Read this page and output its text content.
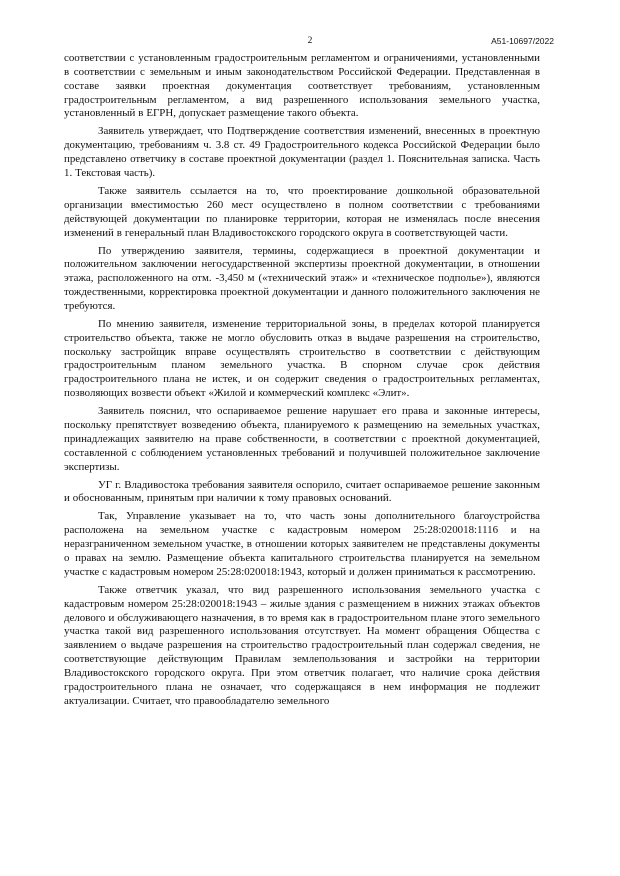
2	А51-10697/2022

соответствии с установленным градостроительным регламентом и ограничениями, установленными в соответствии с земельным и иным законодательством Российской Федерации. Представленная в составе заявки проектная документация соответствует требованиям, установленным градостроительным регламентом, а вид разрешенного использования земельного участка, установленный в ЕГРН, допускает размещение такого объекта.

Заявитель утверждает, что Подтверждение соответствия изменений, внесенных в проектную документацию, требованиям ч. 3.8 ст. 49 Градостроительного кодекса Российской Федерации было представлено ответчику в составе проектной документации (раздел 1. Пояснительная записка. Часть 1. Текстовая часть).

Также заявитель ссылается на то, что проектирование дошкольной образовательной организации вместимостью 260 мест осуществлено в полном соответствии с требованиями действующей документации по планировке территории, которая не изменялась после внесения изменений в генеральный план Владивостокского городского округа в соответствующей части.

По утверждению заявителя, термины, содержащиеся в проектной документации и положительном заключении негосударственной экспертизы проектной документации, в отношении этажа, расположенного на отм. -3,450 м («технический этаж» и «техническое подполье»), являются тождественными, корректировка проектной документации и данного положительного заключения не требуются.

По мнению заявителя, изменение территориальной зоны, в пределах которой планируется строительство объекта, также не могло обусловить отказ в выдаче разрешения на строительство, поскольку застройщик вправе осуществлять строительство в соответствии с действующим градостроительным планом земельного участка. В спорном случае срок действия градостроительного плана не истек, и он содержит сведения о градостроительных регламентах, позволяющих возвести объект «Жилой и коммерческий комплекс «Элит».

Заявитель пояснил, что оспариваемое решение нарушает его права и законные интересы, поскольку препятствует возведению объекта, планируемого к размещению на земельных участках, принадлежащих заявителю на праве собственности, в соответствии с проектной документацией, составленной с соблюдением установленных требований и получившей положительное заключение экспертизы.

УГ г. Владивостока требования заявителя оспорило, считает оспариваемое решение законным и обоснованным, принятым при наличии к тому правовых оснований.

Так, Управление указывает на то, что часть зоны дополнительного благоустройства расположена на земельном участке с кадастровым номером 25:28:020018:1116 и на неразграниченном земельном участке, в отношении которых заявителем не представлены документы о правах на землю. Размещение объекта капитального строительства планируется на земельном участке с кадастровым номером 25:28:020018:1943, который и должен приниматься к рассмотрению.

Также ответчик указал, что вид разрешенного использования земельного участка с кадастровым номером 25:28:020018:1943 – жилые здания с размещением в нижних этажах объектов делового и обслуживающего назначения, в то время как в градостроительном плане этого земельного участка такой вид разрешенного использования отсутствует. На момент обращения Общества с заявлением о выдаче разрешения на строительство градостроительный план содержал сведения, не соответствующие действующим Правилам землепользования и застройки на территории Владивостокского городского округа. При этом ответчик полагает, что наличие срока действия градостроительного плана не означает, что содержащаяся в нем информация не подлежит актуализации. Считает, что правообладателю земельного
